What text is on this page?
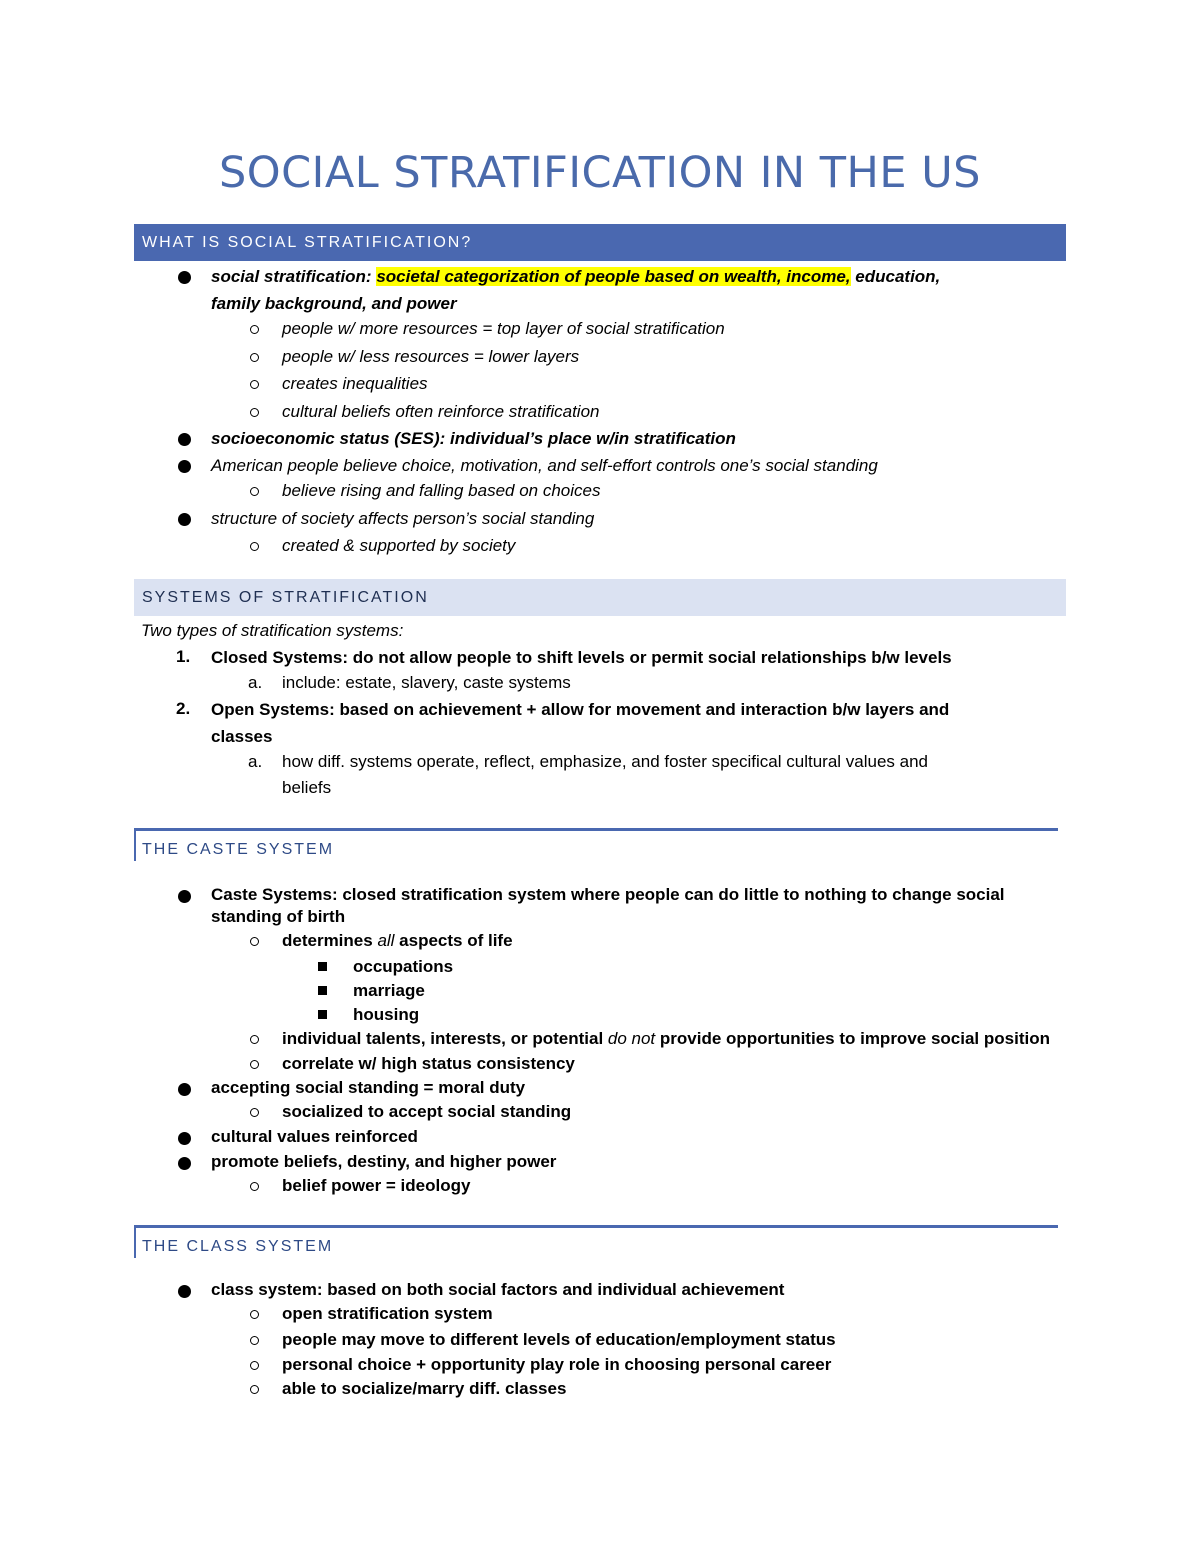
SOCIAL STRATIFICATION IN THE US
WHAT IS SOCIAL STRATIFICATION?
social stratification: societal categorization of people based on wealth, income, education,
family background, and power
people w/ more resources = top layer of social stratification
people w/ less resources = lower layers
creates inequalities
cultural beliefs often reinforce stratification
socioeconomic status (SES): individual’s place w/in stratification
American people believe choice, motivation, and self-effort controls one’s social standing
believe rising and falling based on choices
structure of society affects person’s social standing
created & supported by society
SYSTEMS OF STRATIFICATION
Two types of stratification systems:
1. Closed Systems: do not allow people to shift levels or permit social relationships b/w levels
a. include: estate, slavery, caste systems
2. Open Systems: based on achievement + allow for movement and interaction b/w layers and
classes
a. how diff. systems operate, reflect, emphasize, and foster specifical cultural values and
beliefs
THE CASTE SYSTEM
Caste Systems: closed stratification system where people can do little to nothing to change social
standing of birth
determines all aspects of life
occupations
marriage
housing
individual talents, interests, or potential do not provide opportunities to improve social position
correlate w/ high status consistency
accepting social standing = moral duty
socialized to accept social standing
cultural values reinforced
promote beliefs, destiny, and higher power
belief power = ideology
THE CLASS SYSTEM
class system: based on both social factors and individual achievement
open stratification system
people may move to different levels of education/employment status
personal choice + opportunity play role in choosing personal career
able to socialize/marry diff. classes
